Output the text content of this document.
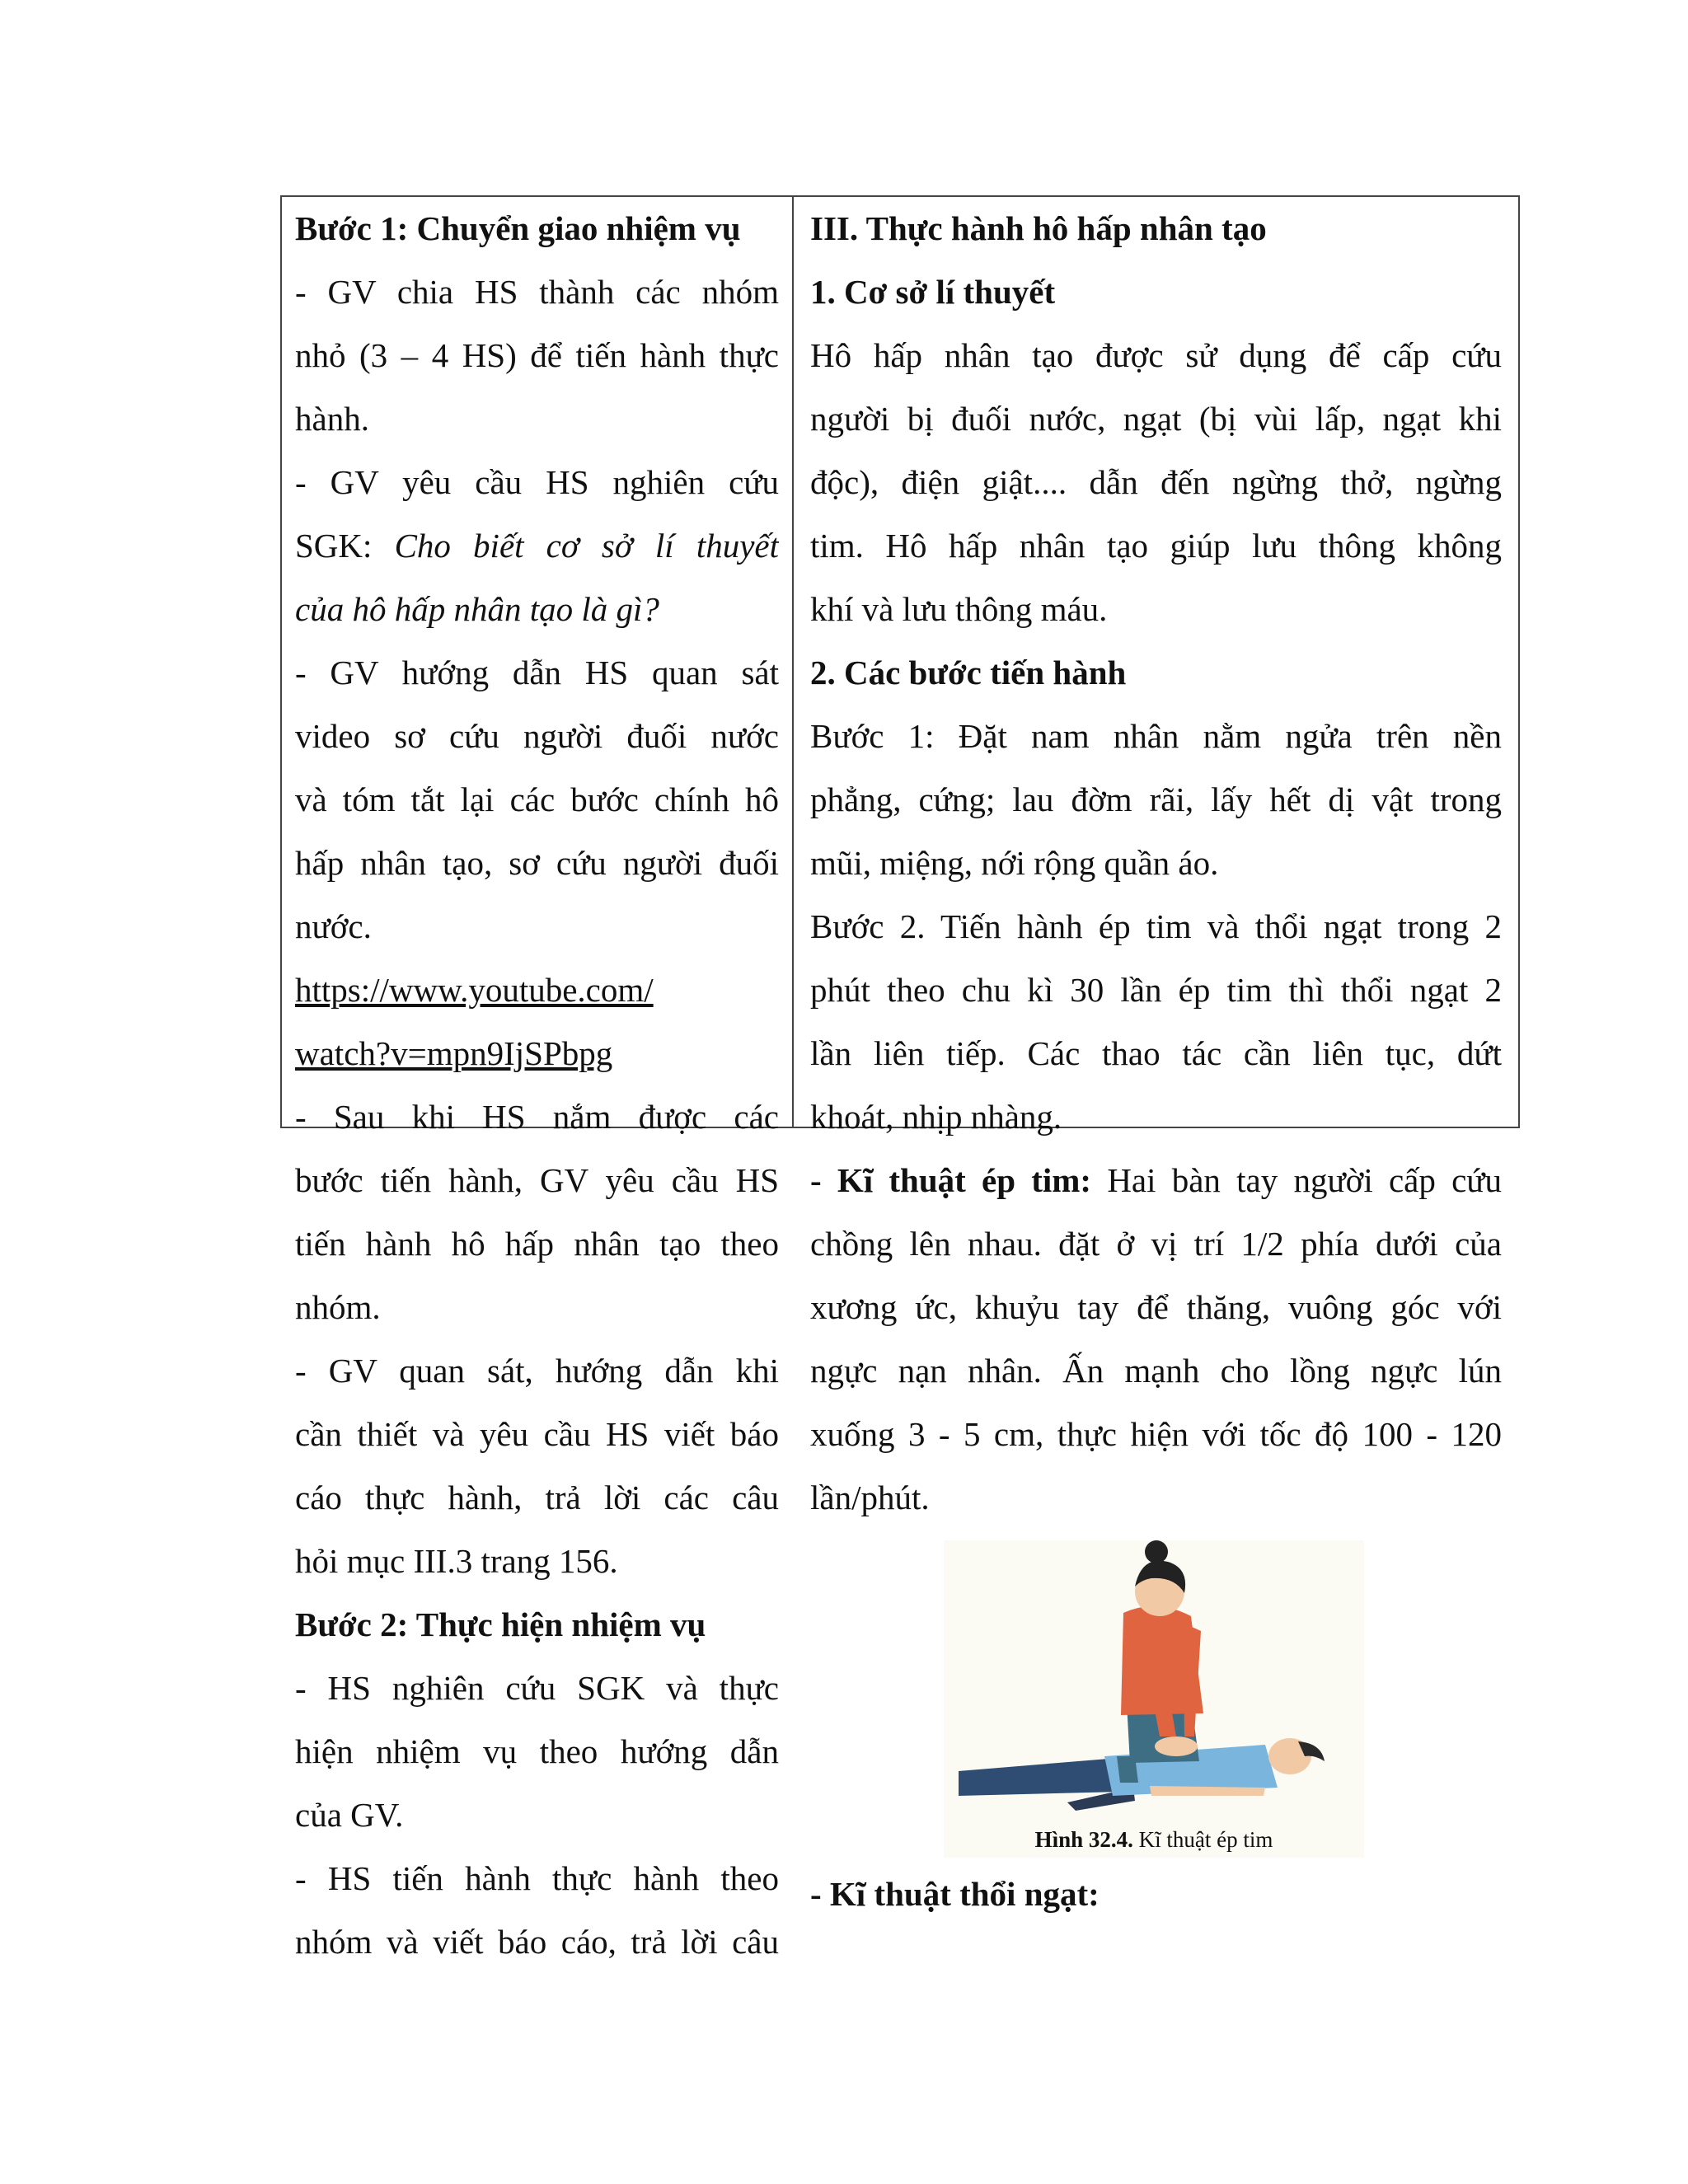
Bước 1: Chuyển giao nhiệm vụ
- GV chia HS thành các nhóm
nhỏ (3 – 4 HS) để tiến hành thực
hành.
- GV yêu cầu HS nghiên cứu
SGK: Cho biết cơ sở lí thuyết
của hô hấp nhân tạo là gì?
- GV hướng dẫn HS quan sát
video sơ cứu người đuối nước
và tóm tắt lại các bước chính hô
hấp nhân tạo, sơ cứu người đuối
nước.
https://www.youtube.com/
watch?v=mpn9IjSPbpg
- Sau khi HS nắm được các
bước tiến hành, GV yêu cầu HS
tiến hành hô hấp nhân tạo theo
nhóm.
- GV quan sát, hướng dẫn khi
cần thiết và yêu cầu HS viết báo
cáo thực hành, trả lời các câu
hỏi mục III.3 trang 156.
Bước 2: Thực hiện nhiệm vụ
- HS nghiên cứu SGK và thực
hiện nhiệm vụ theo hướng dẫn
của GV.
- HS tiến hành thực hành theo
nhóm và viết báo cáo, trả lời câu
III. Thực hành hô hấp nhân tạo
1. Cơ sở lí thuyết
Hô hấp nhân tạo được sử dụng để cấp cứu
người bị đuối nước, ngạt (bị vùi lấp, ngạt khi
độc), điện giật.... dẫn đến ngừng thở, ngừng
tim. Hô hấp nhân tạo giúp lưu thông không
khí và lưu thông máu.
2. Các bước tiến hành
Bước 1: Đặt nam nhân nằm ngửa trên nền
phẳng, cứng; lau đờm rãi, lấy hết dị vật trong
mũi, miệng, nới rộng quần áo.
Bước 2. Tiến hành ép tim và thổi ngạt trong 2
phút theo chu kì 30 lần ép tim thì thổi ngạt 2
lần liên tiếp. Các thao tác cần liên tục, dứt
khoát, nhịp nhàng.
- Kĩ thuật ép tim: Hai bàn tay người cấp cứu
chồng lên nhau. đặt ở vị trí 1/2 phía dưới của
xương ức, khuỷu tay để thăng, vuông góc với
ngực nạn nhân. Ấn mạnh cho lồng ngực lún
xuống 3 - 5 cm, thực hiện với tốc độ 100 - 120
lần/phút.
Hình 32.4. Kĩ thuật ép tim
- Kĩ thuật thổi ngạt:
